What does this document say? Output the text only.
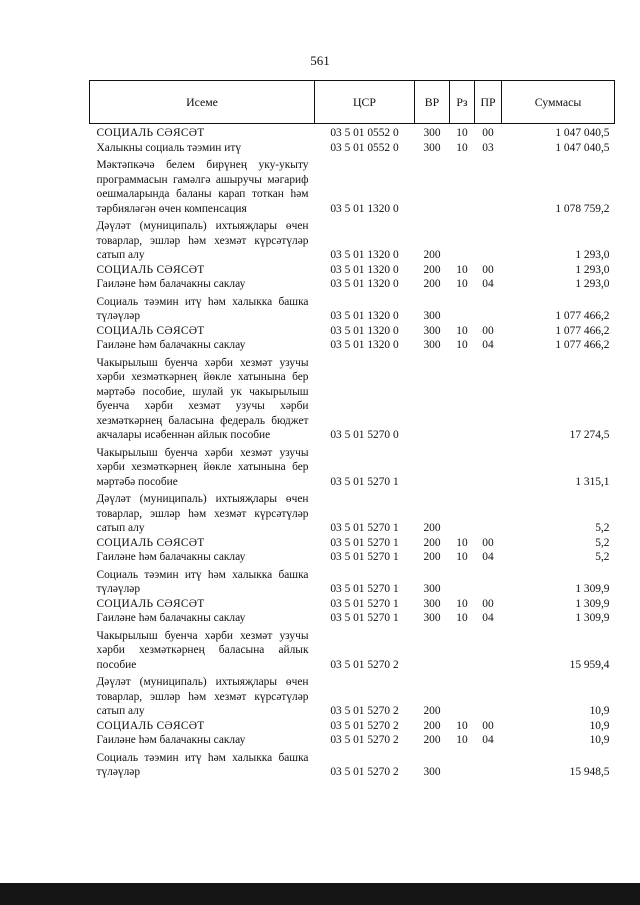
561
Исеме	ЦСР	ВР	Рз	ПР	Суммасы
СОЦИАЛЬ СӘЯСӘТ	03 5 01 0552 0	300	10	00	1 047 040,5
Халыкны социаль тәэмин итү	03 5 01 0552 0	300	10	03	1 047 040,5
Мәктәпкәчә белем бирүнең уку-укыту программасын гамәлгә ашыручы мәгариф оешмаларында баланы карап тоткан һәм тәрбияләгән өчен компенсация	03 5 01 1320 0				1 078 759,2
Дәүләт (муниципаль) ихтыяҗлары өчен товарлар, эшләр һәм хезмәт күрсәтүләр сатып алу	03 5 01 1320 0	200			1 293,0
СОЦИАЛЬ СӘЯСӘТ	03 5 01 1320 0	200	10	00	1 293,0
Гаиләне һәм балачакны саклау	03 5 01 1320 0	200	10	04	1 293,0
Социаль тәэмин итү һәм халыкка башка түләүләр	03 5 01 1320 0	300			1 077 466,2
СОЦИАЛЬ СӘЯСӘТ	03 5 01 1320 0	300	10	00	1 077 466,2
Гаиләне һәм балачакны саклау	03 5 01 1320 0	300	10	04	1 077 466,2
Чакырылыш буенча хәрби хезмәт узучы хәрби хезмәткәрнең йөкле хатынына бер мәртәбә пособие, шулай ук чакырылыш буенча хәрби хезмәт узучы хәрби хезмәткәрнең баласына федераль бюджет акчалары исәбеннән айлык пособие	03 5 01 5270 0				17 274,5
Чакырылыш буенча хәрби хезмәт узучы хәрби хезмәткәрнең йөкле хатынына бер мәртәбә пособие	03 5 01 5270 1				1 315,1
Дәүләт (муниципаль) ихтыяҗлары өчен товарлар, эшләр һәм хезмәт күрсәтүләр сатып алу	03 5 01 5270 1	200			5,2
СОЦИАЛЬ СӘЯСӘТ	03 5 01 5270 1	200	10	00	5,2
Гаиләне һәм балачакны саклау	03 5 01 5270 1	200	10	04	5,2
Социаль тәэмин итү һәм халыкка башка түләүләр	03 5 01 5270 1	300			1 309,9
СОЦИАЛЬ СӘЯСӘТ	03 5 01 5270 1	300	10	00	1 309,9
Гаиләне һәм балачакны саклау	03 5 01 5270 1	300	10	04	1 309,9
Чакырылыш буенча хәрби хезмәт узучы хәрби хезмәткәрнең баласына айлык пособие	03 5 01 5270 2				15 959,4
Дәүләт (муниципаль) ихтыяҗлары өчен товарлар, эшләр һәм хезмәт күрсәтүләр сатып алу	03 5 01 5270 2	200			10,9
СОЦИАЛЬ СӘЯСӘТ	03 5 01 5270 2	200	10	00	10,9
Гаиләне һәм балачакны саклау	03 5 01 5270 2	200	10	04	10,9
Социаль тәэмин итү һәм халыкка башка түләүләр	03 5 01 5270 2	300			15 948,5
